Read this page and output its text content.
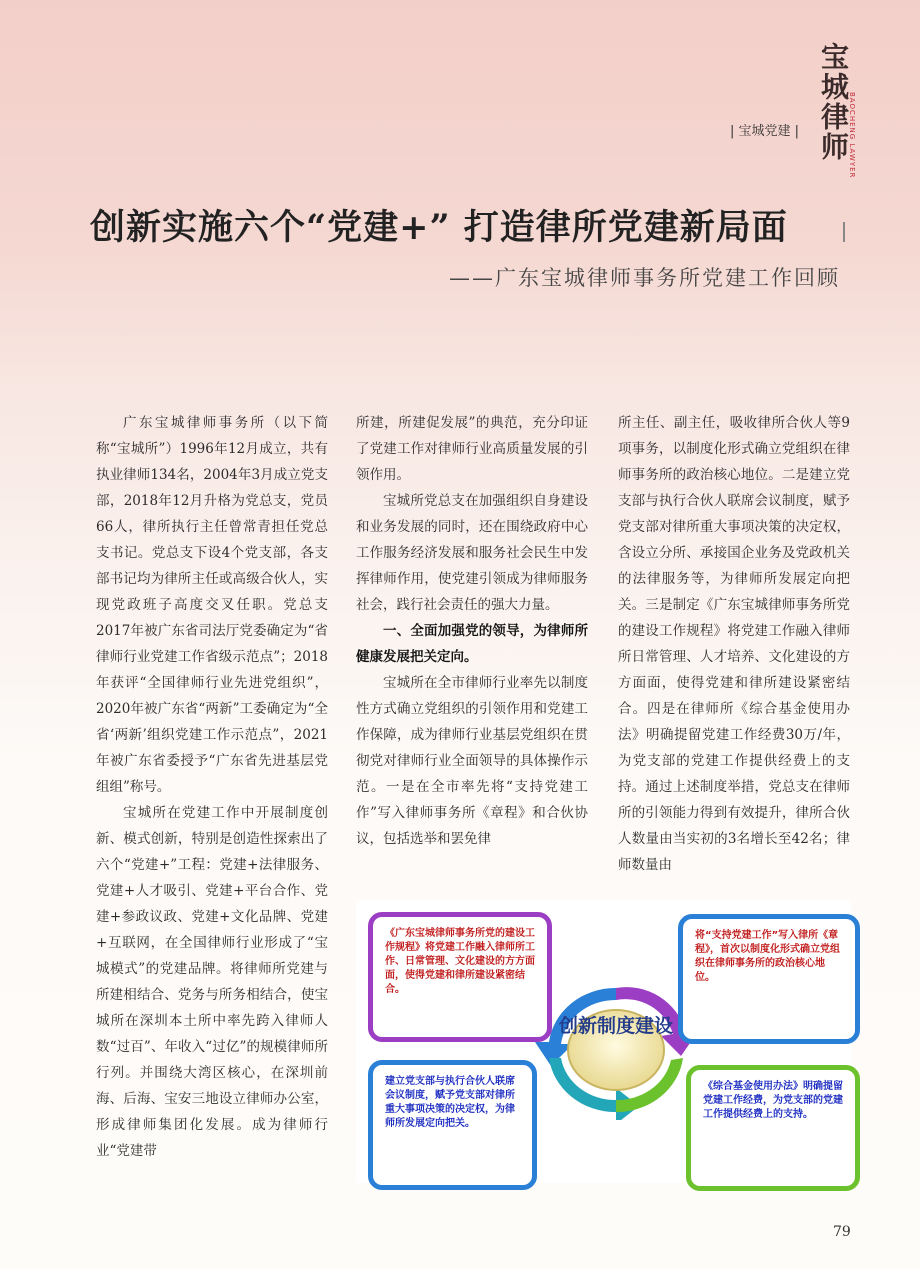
宝城律师
BAOCHENG LAWYER
| 宝城党建 |
创新实施六个“党建+” 打造律所党建新局面
——广东宝城律师事务所党建工作回顾

广东宝城律师事务所（以下简称“宝城所”）1996年12月成立，共有执业律师134名，2004年3月成立党支部，2018年12月升格为党总支，党员66人，律所执行主任曾常青担任党总支书记。党总支下设4个党支部，各支部书记均为律所主任或高级合伙人，实现党政班子高度交叉任职。党总支2017年被广东省司法厅党委确定为“省律师行业党建工作省级示范点”；2018年获评“全国律师行业先进党组织”，2020年被广东省“两新”工委确定为“全省‘两新’组织党建工作示范点”，2021年被广东省委授予“广东省先进基层党组组”称号。

宝城所在党建工作中开展制度创新、模式创新，特别是创造性探索出了六个“党建+”工程：党建+法律服务、党建+人才吸引、党建+平台合作、党建+参政议政、党建+文化品牌、党建+互联网，在全国律师行业形成了“宝城模式”的党建品牌。将律师所党建与所建相结合、党务与所务相结合，使宝城所在深圳本土所中率先跨入律师人数“过百”、年收入“过亿”的规模律师所行列。并围绕大湾区核心，在深圳前海、后海、宝安三地设立律师办公室，形成律师集团化发展。成为律师行业“党建带

所建，所建促发展”的典范，充分印证了党建工作对律师行业高质量发展的引领作用。

宝城所党总支在加强组织自身建设和业务发展的同时，还在围绕政府中心工作服务经济发展和服务社会民生中发挥律师作用，使党建引领成为律师服务社会，践行社会责任的强大力量。

一、全面加强党的领导，为律师所健康发展把关定向。

宝城所在全市律师行业率先以制度性方式确立党组织的引领作用和党建工作保障，成为律师行业基层党组织在贯彻党对律师行业全面领导的具体操作示范。一是在全市率先将“支持党建工作”写入律师事务所《章程》和合伙协议，包括选举和罢免律

所主任、副主任，吸收律所合伙人等9项事务，以制度化形式确立党组织在律师事务所的政治核心地位。二是建立党支部与执行合伙人联席会议制度，赋予党支部对律所重大事项决策的决定权，含设立分所、承接国企业务及党政机关的法律服务等，为律师所发展定向把关。三是制定《广东宝城律师事务所党的建设工作规程》将党建工作融入律师所日常管理、人才培养、文化建设的方方面面，使得党建和律所建设紧密结合。四是在律师所《综合基金使用办法》明确提留党建工作经费30万/年，为党支部的党建工作提供经费上的支持。通过上述制度举措，党总支在律师所的引领能力得到有效提升，律所合伙人数量由当实初的3名增长至42名；律师数量由

创新制度建设
《广东宝城律师事务所党的建设工作规程》将党建工作融入律师所工作、日常管理、文化建设的方方面面，使得党建和律所建设紧密结合。
将“支持党建工作”写入律所《章程》，首次以制度化形式确立党组织在律师事务所的政治核心地位。
建立党支部与执行合伙人联席会议制度，赋予党支部对律所重大事项决策的决定权，为律师所发展定向把关。
《综合基金使用办法》明确提留党建工作经费，为党支部的党建工作提供经费上的支持。
79
